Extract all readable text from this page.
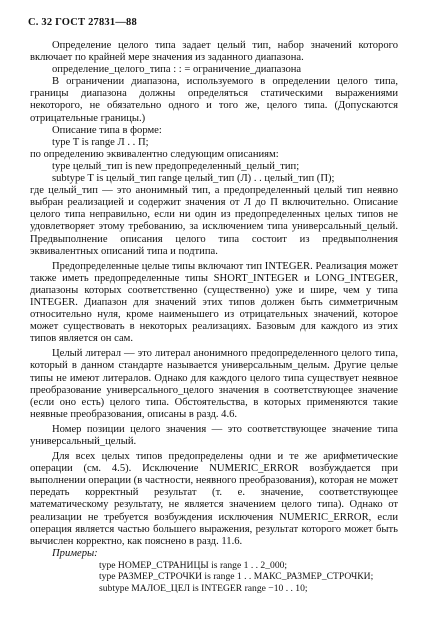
С. 32 ГОСТ 27831—88

Определение целого типа задает целый тип, набор значений которого включает по крайней мере значения из заданного диапазона.

определение_целого_типа : : = ограничение_диапазона

В ограничении диапазона, используемого в определении целого типа, границы диапазона должны определяться статическими выражениями некоторого, не обязательно одного и того же, целого типа. (Допускаются отрицательные границы.)

Описание типа в форме:

type T is range Л . . П;

по определению эквивалентно следующим описаниям:

type целый_тип is new предопределенный_целый_тип;

subtype T is целый_тип range целый_тип (Л) . . целый_тип (П);

где целый_тип — это анонимный тип, а предопределенный целый тип неявно выбран реализацией и содержит значения от Л до П включительно. Описание целого типа неправильно, если ни один из предопределенных целых типов не удовлетворяет этому требованию, за исключением типа универсальный_целый. Предвыполнение описания целого типа состоит из предвыполнения эквивалентных описаний типа и подтипа.

Предопределенные целые типы включают тип INTEGER. Реализация может также иметь предопределенные типы SHORT_INTEGER и LONG_INTEGER, диапазоны которых соответственно (существенно) уже и шире, чем у типа INTEGER. Диапазон для значений этих типов должен быть симметричным относительно нуля, кроме наименьшего из отрицательных значений, которое может существовать в некоторых реализациях. Базовым для каждого из этих типов является он сам.

Целый литерал — это литерал анонимного предопределенного целого типа, который в данном стандарте называется универсальным_целым. Другие целые типы не имеют литералов. Однако для каждого целого типа существует неявное преобразование универсального_целого значения в соответствующее значение (если оно есть) целого типа. Обстоятельства, в которых применяются такие неявные преобразования, описаны в разд. 4.6.

Номер позиции целого значения — это соответствующее значение типа универсальный_целый.

Для всех целых типов предопределены одни и те же арифметические операции (см. 4.5). Исключение NUMERIC_ERROR возбуждается при выполнении операции (в частности, неявного преобразования), которая не может передать корректный результат (т. е. значение, соответствующее математическому результату, не является значением целого типа). Однако от реализации не требуется возбуждения исключения NUMERIC_ERROR, если операция является частью большего выражения, результат которого может быть вычислен корректно, как пояснено в разд. 11.6.

Примеры:

type НОМЕР_СТРАНИЦЫ is range 1 . . 2_000;

type РАЗМЕР_СТРОЧКИ is range 1 . . МАКС_РАЗМЕР_СТРОЧКИ;

subtype МАЛОЕ_ЦЕЛ is INTEGER range −10 . . 10;
